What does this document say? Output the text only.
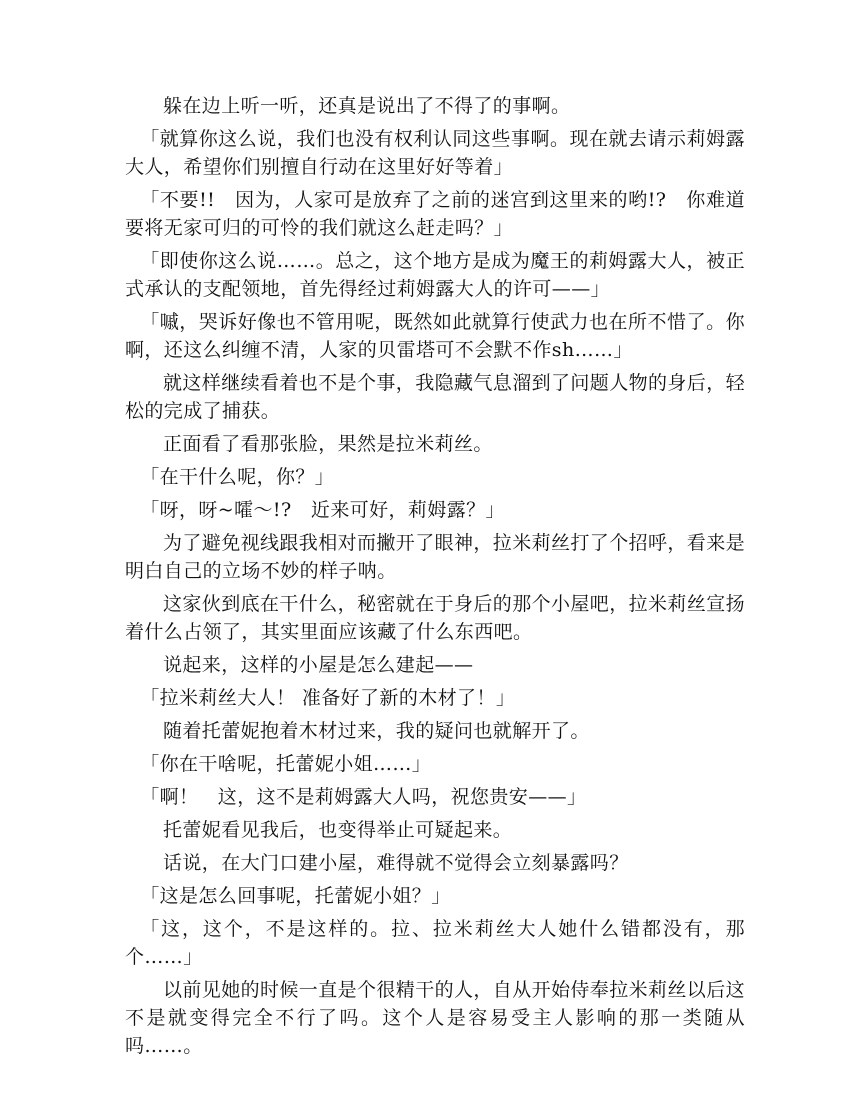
躲在边上听一听，还真是说出了不得了的事啊。

「就算你这么说，我们也没有权利认同这些事啊。现在就去请示莉姆露大人，希望你们别擅自行动在这里好好等着」

「不要!!　因为，人家可是放弃了之前的迷宫到这里来的哟!?　你难道要将无家可归的可怜的我们就这么赶走吗？」

「即使你这么说……。总之，这个地方是成为魔王的莉姆露大人，被正式承认的支配领地，首先得经过莉姆露大人的许可——」

「嘁，哭诉好像也不管用呢，既然如此就算行使武力也在所不惜了。你啊，还这么纠缠不清，人家的贝雷塔可不会默不作sh……」

就这样继续看着也不是个事，我隐藏气息溜到了问题人物的身后，轻松的完成了捕获。

正面看了看那张脸，果然是拉米莉丝。

「在干什么呢，你？」

「呀，呀~嚯～!?　近来可好，莉姆露？」

为了避免视线跟我相对而撇开了眼神，拉米莉丝打了个招呼，看来是明白自己的立场不妙的样子呐。

这家伙到底在干什么，秘密就在于身后的那个小屋吧，拉米莉丝宣扬着什么占领了，其实里面应该藏了什么东西吧。

说起来，这样的小屋是怎么建起——

「拉米莉丝大人！ 准备好了新的木材了！」

随着托蕾妮抱着木材过来，我的疑问也就解开了。

「你在干啥呢，托蕾妮小姐……」

「啊！　这，这不是莉姆露大人吗，祝您贵安——」

托蕾妮看见我后，也变得举止可疑起来。

话说，在大门口建小屋，难得就不觉得会立刻暴露吗？

「这是怎么回事呢，托蕾妮小姐？」

「这，这个，不是这样的。拉、拉米莉丝大人她什么错都没有，那个……」

以前见她的时候一直是个很精干的人，自从开始侍奉拉米莉丝以后这不是就变得完全不行了吗。这个人是容易受主人影响的那一类随从吗……。
